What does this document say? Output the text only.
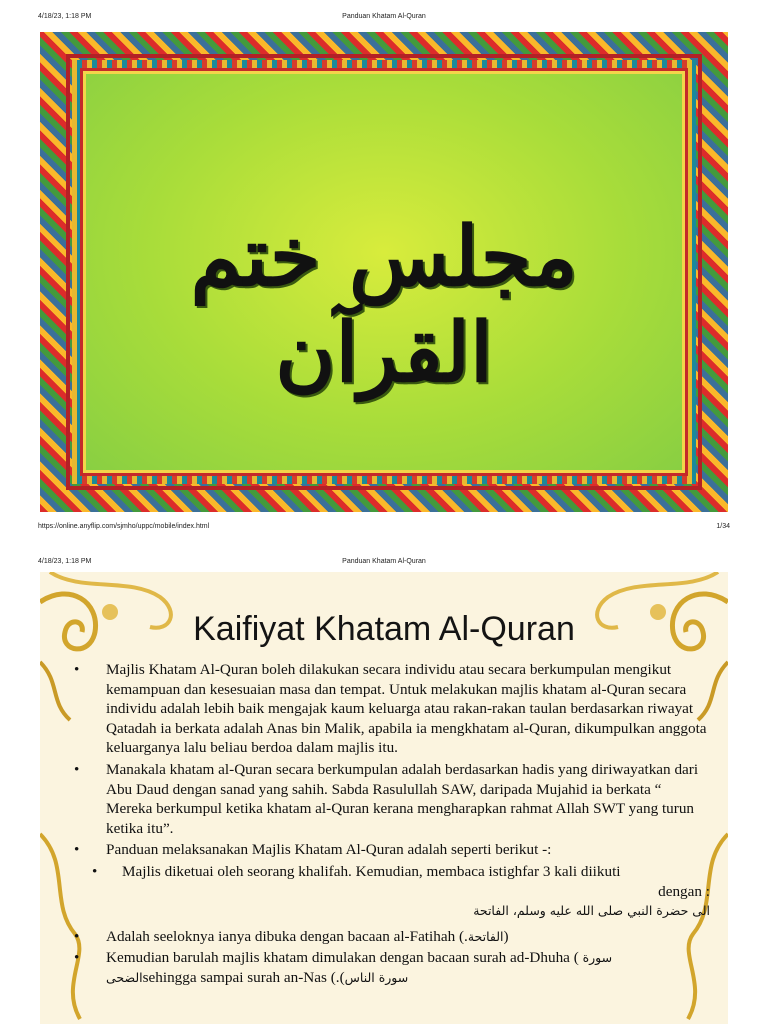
4/18/23, 1:18 PM	Panduan Khatam Al-Quran
مجلس ختم القرآن
https://online.anyflip.com/sjmho/uppc/mobile/index.html	1/34
4/18/23, 1:18 PM	Panduan Khatam Al-Quran
Kaifiyat Khatam Al-Quran
• Majlis Khatam Al-Quran boleh dilakukan secara individu atau secara berkumpulan mengikut kemampuan dan kesesuaian masa dan tempat. Untuk melakukan majlis khatam al-Quran secara individu adalah lebih baik mengajak kaum keluarga atau rakan-rakan taulan berdasarkan riwayat Qatadah ia berkata adalah Anas bin Malik, apabila ia mengkhatam al-Quran, dikumpulkan anggota keluarganya lalu beliau berdoa dalam majlis itu.
• Manakala khatam al-Quran secara berkumpulan adalah berdasarkan hadis yang diriwayatkan dari Abu Daud dengan sanad yang sahih. Sabda Rasulullah SAW, daripada Mujahid ia berkata “ Mereka berkumpul ketika khatam al-Quran kerana mengharapkan rahmat Allah SWT yang turun ketika itu”.
• Panduan melaksanakan Majlis Khatam Al-Quran adalah seperti berikut -:
• Majlis diketuai oleh seorang khalifah. Kemudian, membaca istighfar 3 kali diikuti
dengan :
الى حضرة النبي صلى الله عليه وسلم، الفاتحة
• Adalah seeloknya ianya dibuka dengan bacaan al-Fatihah (.الفاتحة)
• Kemudian barulah majlis khatam dimulakan dengan bacaan surah ad-Dhuha ( سورة
الضحىsehingga sampai surah an-Nas (.(سورة الناس
